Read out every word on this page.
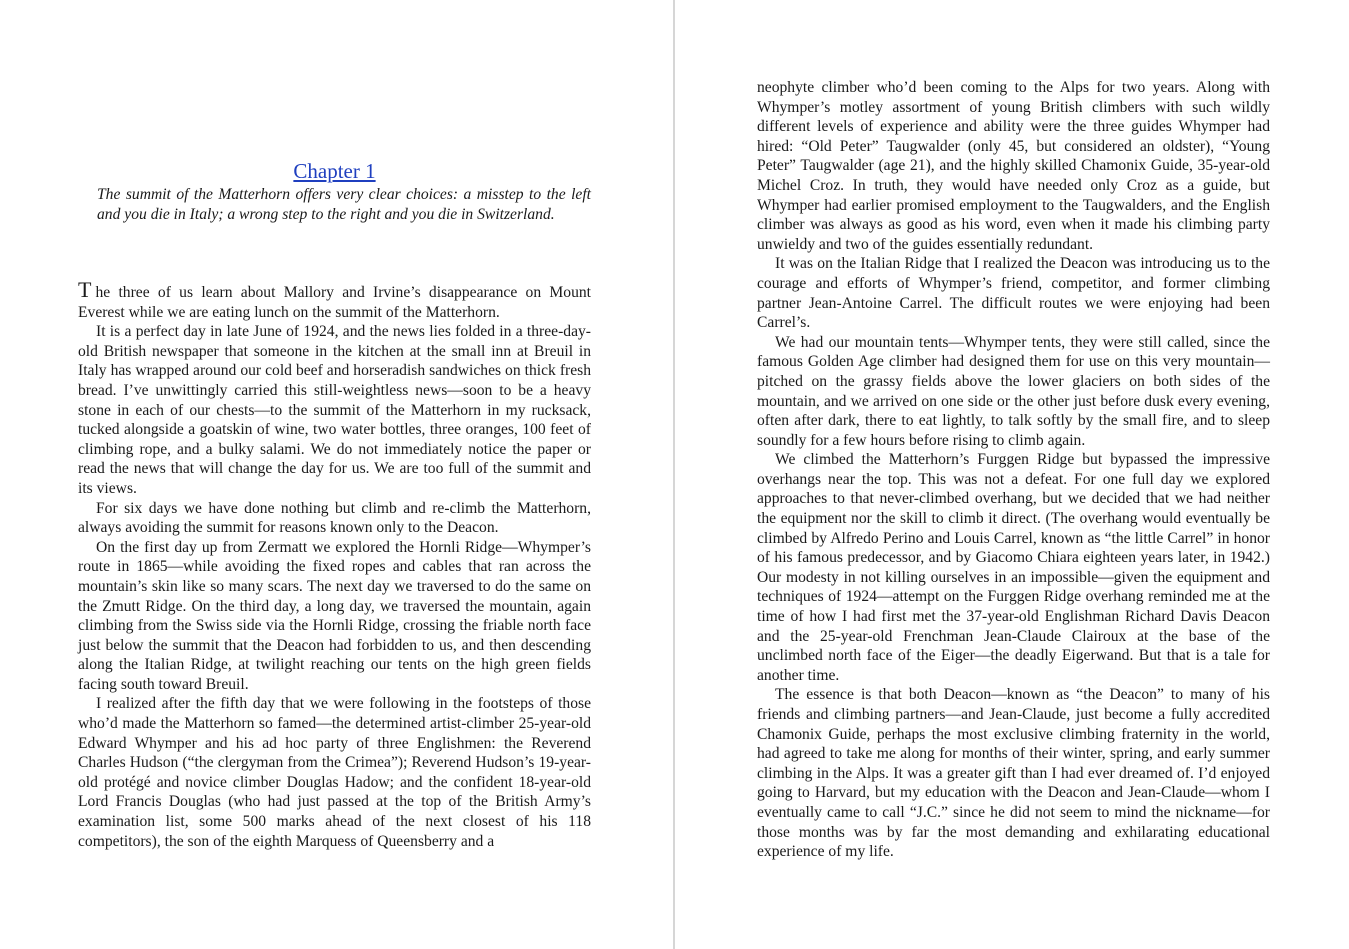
Chapter 1
The summit of the Matterhorn offers very clear choices: a misstep to the left and you die in Italy; a wrong step to the right and you die in Switzerland.

T he three of us learn about Mallory and Irvine’s disappearance on Mount Everest while we are eating lunch on the summit of the Matterhorn.

It is a perfect day in late June of 1924, and the news lies folded in a three-day-old British newspaper that someone in the kitchen at the small inn at Breuil in Italy has wrapped around our cold beef and horseradish sandwiches on thick fresh bread. I’ve unwittingly carried this still-weightless news—soon to be a heavy stone in each of our chests—to the summit of the Matterhorn in my rucksack, tucked alongside a goatskin of wine, two water bottles, three oranges, 100 feet of climbing rope, and a bulky salami. We do not immediately notice the paper or read the news that will change the day for us. We are too full of the summit and its views.

For six days we have done nothing but climb and re-climb the Matterhorn, always avoiding the summit for reasons known only to the Deacon.

On the first day up from Zermatt we explored the Hornli Ridge—Whymper’s route in 1865—while avoiding the fixed ropes and cables that ran across the mountain’s skin like so many scars. The next day we traversed to do the same on the Zmutt Ridge. On the third day, a long day, we traversed the mountain, again climbing from the Swiss side via the Hornli Ridge, crossing the friable north face just below the summit that the Deacon had forbidden to us, and then descending along the Italian Ridge, at twilight reaching our tents on the high green fields facing south toward Breuil.

I realized after the fifth day that we were following in the footsteps of those who’d made the Matterhorn so famed—the determined artist-climber 25-year-old Edward Whymper and his ad hoc party of three Englishmen: the Reverend Charles Hudson (“the clergyman from the Crimea”); Reverend Hudson’s 19-year-old protégé and novice climber Douglas Hadow; and the confident 18-year-old Lord Francis Douglas (who had just passed at the top of the British Army’s examination list, some 500 marks ahead of the next closest of his 118 competitors), the son of the eighth Marquess of Queensberry and a

neophyte climber who’d been coming to the Alps for two years. Along with Whymper’s motley assortment of young British climbers with such wildly different levels of experience and ability were the three guides Whymper had hired: “Old Peter” Taugwalder (only 45, but considered an oldster), “Young Peter” Taugwalder (age 21), and the highly skilled Chamonix Guide, 35-year-old Michel Croz. In truth, they would have needed only Croz as a guide, but Whymper had earlier promised employment to the Taugwalders, and the English climber was always as good as his word, even when it made his climbing party unwieldy and two of the guides essentially redundant.

It was on the Italian Ridge that I realized the Deacon was introducing us to the courage and efforts of Whymper’s friend, competitor, and former climbing partner Jean-Antoine Carrel. The difficult routes we were enjoying had been Carrel’s.

We had our mountain tents—Whymper tents, they were still called, since the famous Golden Age climber had designed them for use on this very mountain—pitched on the grassy fields above the lower glaciers on both sides of the mountain, and we arrived on one side or the other just before dusk every evening, often after dark, there to eat lightly, to talk softly by the small fire, and to sleep soundly for a few hours before rising to climb again.

We climbed the Matterhorn’s Furggen Ridge but bypassed the impressive overhangs near the top. This was not a defeat. For one full day we explored approaches to that never-climbed overhang, but we decided that we had neither the equipment nor the skill to climb it direct. (The overhang would eventually be climbed by Alfredo Perino and Louis Carrel, known as “the little Carrel” in honor of his famous predecessor, and by Giacomo Chiara eighteen years later, in 1942.) Our modesty in not killing ourselves in an impossible—given the equipment and techniques of 1924—attempt on the Furggen Ridge overhang reminded me at the time of how I had first met the 37-year-old Englishman Richard Davis Deacon and the 25-year-old Frenchman Jean-Claude Clairoux at the base of the unclimbed north face of the Eiger—the deadly Eigerwand. But that is a tale for another time.

The essence is that both Deacon—known as “the Deacon” to many of his friends and climbing partners—and Jean-Claude, just become a fully accredited Chamonix Guide, perhaps the most exclusive climbing fraternity in the world, had agreed to take me along for months of their winter, spring, and early summer climbing in the Alps. It was a greater gift than I had ever dreamed of. I’d enjoyed going to Harvard, but my education with the Deacon and Jean-Claude—whom I eventually came to call “J.C.” since he did not seem to mind the nickname—for those months was by far the most demanding and exhilarating educational experience of my life.
